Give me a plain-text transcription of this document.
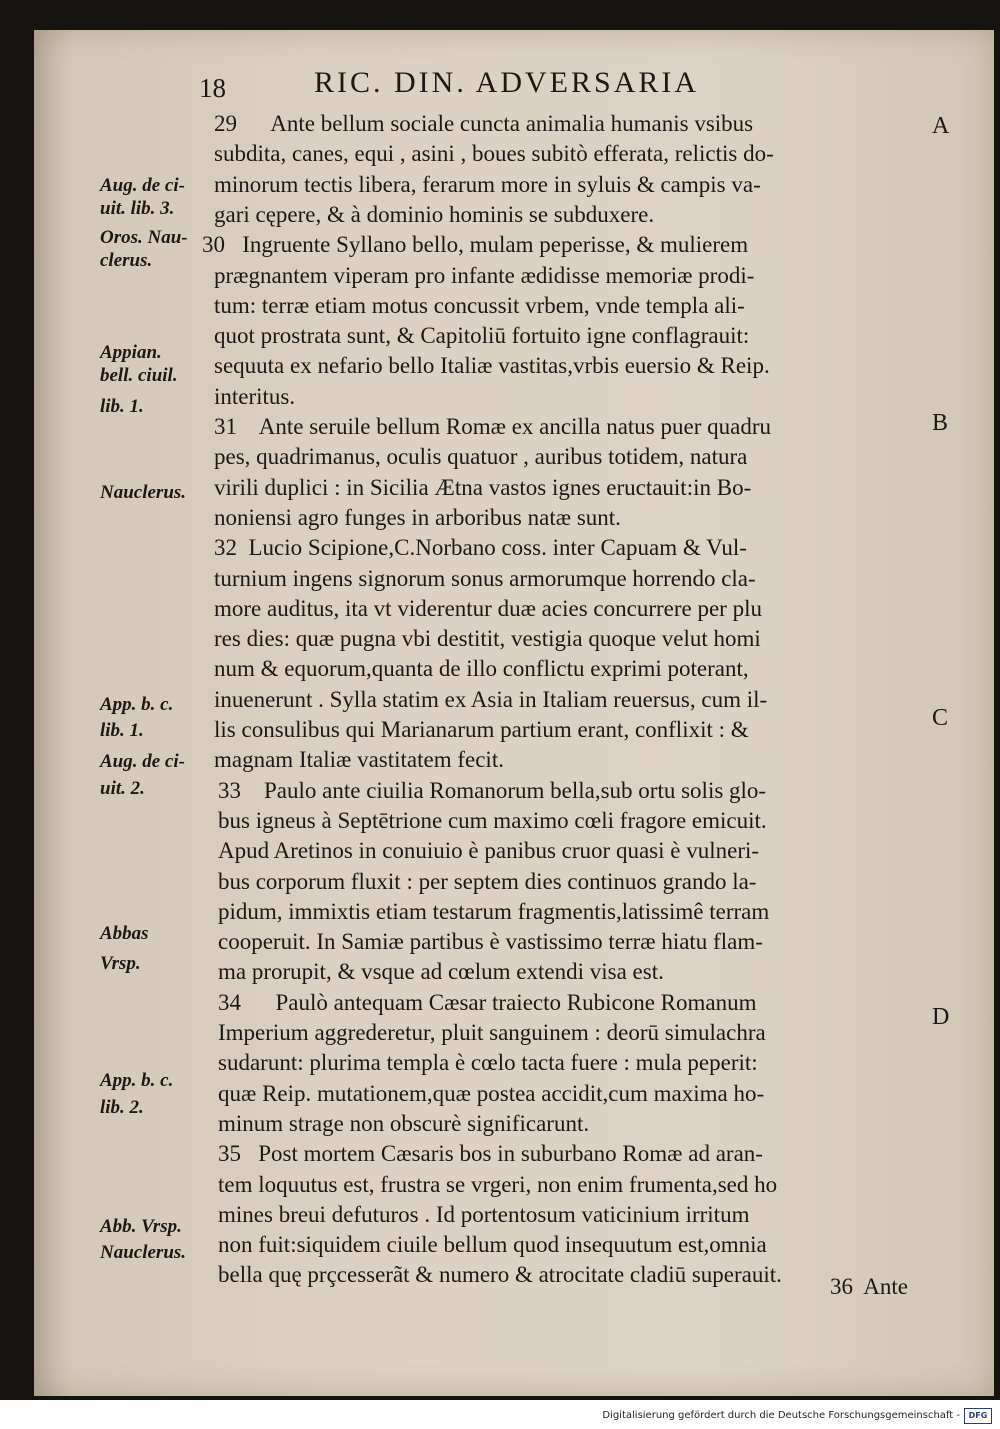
18	RIC. DIN. ADVERSARIA
29      Ante bellum sociale cuncta animalia humanis vsibus
subdita, canes, equi , asini , boues subitò efferata, relictis do-
minorum tectis libera, ferarum more in syluis & campis va-
gari cępere, & à dominio hominis se subduxere.
30   Ingruente Syllano bello, mulam peperisse, & mulierem
prægnantem viperam pro infante ædidisse memoriæ prodi-
tum: terræ etiam motus concussit vrbem, vnde templa ali-
quot prostrata sunt, & Capitoliū fortuito igne conflagrauit:
sequuta ex nefario bello Italiæ vastitas,vrbis euersio & Reip.
interitus.
31    Ante seruile bellum Romæ ex ancilla natus puer quadru
pes, quadrimanus, oculis quatuor , auribus totidem, natura
virili duplici : in Sicilia Ætna vastos ignes eructauit:in Bo-
noniensi agro funges in arboribus natæ sunt.
32  Lucio Scipione,C.Norbano coss. inter Capuam & Vul-
turnium ingens signorum sonus armorumque horrendo cla-
more auditus, ita vt viderentur duæ acies concurrere per plu
res dies: quæ pugna vbi destitit, vestigia quoque velut homi
num & equorum,quanta de illo conflictu exprimi poterant,
inuenerunt . Sylla statim ex Asia in Italiam reuersus, cum il-
lis consulibus qui Marianarum partium erant, conflixit : &
magnam Italiæ vastitatem fecit.
33    Paulo ante ciuilia Romanorum bella,sub ortu solis glo-
bus igneus à Septētrione cum maximo cœli fragore emicuit.
Apud Aretinos in conuiuio è panibus cruor quasi è vulneri-
bus corporum fluxit : per septem dies continuos grando la-
pidum, immixtis etiam testarum fragmentis,latissimê terram
cooperuit. In Samiæ partibus è vastissimo terræ hiatu flam-
ma prorupit, & vsque ad cœlum extendi visa est.
34      Paulò antequam Cæsar traiecto Rubicone Romanum
Imperium aggrederetur, pluit sanguinem : deorū simulachra
sudarunt: plurima templa è cœlo tacta fuere : mula peperit:
quæ Reip. mutationem,quæ postea accidit,cum maxima ho-
minum strage non obscurè significarunt.
35   Post mortem Cæsaris bos in suburbano Romæ ad aran-
tem loquutus est, frustra se vrgeri, non enim frumenta,sed ho
mines breui defuturos . Id portentosum vaticinium irritum
non fuit:siquidem ciuile bellum quod insequutum est,omnia
bella quę prçcesserãt & numero & atrocitate cladiū superauit.
Aug. de ci-
uit. lib. 3.
Oros. Nau-
clerus.
Appian.
bell. ciuil.
lib. 1.
Nauclerus.
App. b. c.
lib. 1.
Aug. de ci-
uit. 2.
Abbas
Vrsp.
App. b. c.
lib. 2.
Abb. Vrsp.
Nauclerus.
A
B
C
D
36  Ante
Digitalisierung gefördert durch die Deutsche Forschungsgemeinschaft -	DFG
